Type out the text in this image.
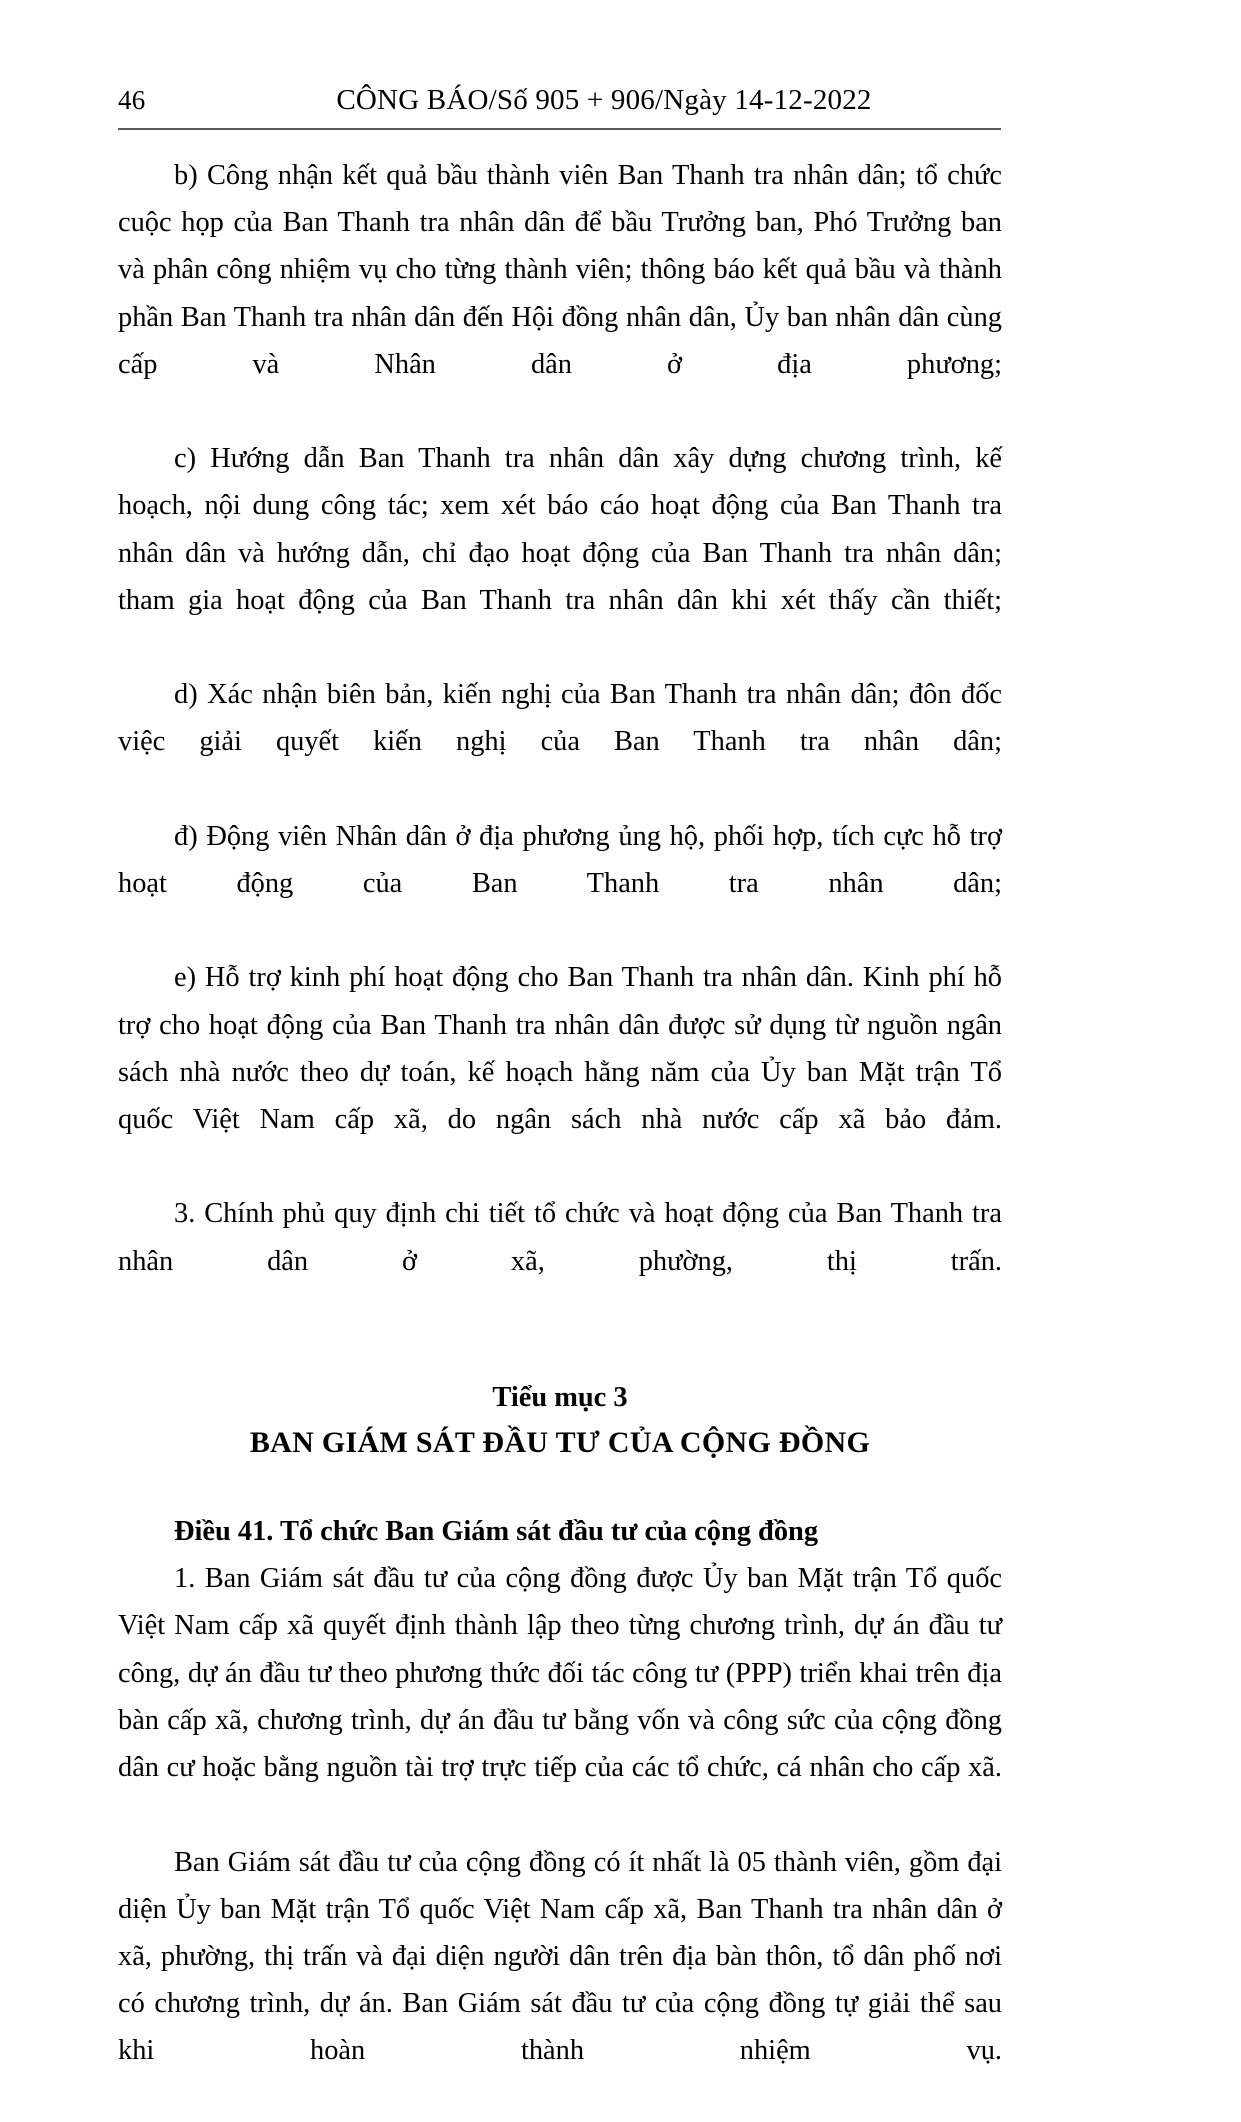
46	CÔNG BÁO/Số 905 + 906/Ngày 14-12-2022

b) Công nhận kết quả bầu thành viên Ban Thanh tra nhân dân; tổ chức cuộc họp của Ban Thanh tra nhân dân để bầu Trưởng ban, Phó Trưởng ban và phân công nhiệm vụ cho từng thành viên; thông báo kết quả bầu và thành phần Ban Thanh tra nhân dân đến Hội đồng nhân dân, Ủy ban nhân dân cùng cấp và Nhân dân ở địa phương;

c) Hướng dẫn Ban Thanh tra nhân dân xây dựng chương trình, kế hoạch, nội dung công tác; xem xét báo cáo hoạt động của Ban Thanh tra nhân dân và hướng dẫn, chỉ đạo hoạt động của Ban Thanh tra nhân dân; tham gia hoạt động của Ban Thanh tra nhân dân khi xét thấy cần thiết;

d) Xác nhận biên bản, kiến nghị của Ban Thanh tra nhân dân; đôn đốc việc giải quyết kiến nghị của Ban Thanh tra nhân dân;

đ) Động viên Nhân dân ở địa phương ủng hộ, phối hợp, tích cực hỗ trợ hoạt động của Ban Thanh tra nhân dân;

e) Hỗ trợ kinh phí hoạt động cho Ban Thanh tra nhân dân. Kinh phí hỗ trợ cho hoạt động của Ban Thanh tra nhân dân được sử dụng từ nguồn ngân sách nhà nước theo dự toán, kế hoạch hằng năm của Ủy ban Mặt trận Tổ quốc Việt Nam cấp xã, do ngân sách nhà nước cấp xã bảo đảm.

3. Chính phủ quy định chi tiết tổ chức và hoạt động của Ban Thanh tra nhân dân ở xã, phường, thị trấn.

Tiểu mục 3
BAN GIÁM SÁT ĐẦU TƯ CỦA CỘNG ĐỒNG
Điều 41. Tổ chức Ban Giám sát đầu tư của cộng đồng

1. Ban Giám sát đầu tư của cộng đồng được Ủy ban Mặt trận Tổ quốc Việt Nam cấp xã quyết định thành lập theo từng chương trình, dự án đầu tư công, dự án đầu tư theo phương thức đối tác công tư (PPP) triển khai trên địa bàn cấp xã, chương trình, dự án đầu tư bằng vốn và công sức của cộng đồng dân cư hoặc bằng nguồn tài trợ trực tiếp của các tổ chức, cá nhân cho cấp xã.

Ban Giám sát đầu tư của cộng đồng có ít nhất là 05 thành viên, gồm đại diện Ủy ban Mặt trận Tổ quốc Việt Nam cấp xã, Ban Thanh tra nhân dân ở xã, phường, thị trấn và đại diện người dân trên địa bàn thôn, tổ dân phố nơi có chương trình, dự án. Ban Giám sát đầu tư của cộng đồng tự giải thể sau khi hoàn thành nhiệm vụ.
